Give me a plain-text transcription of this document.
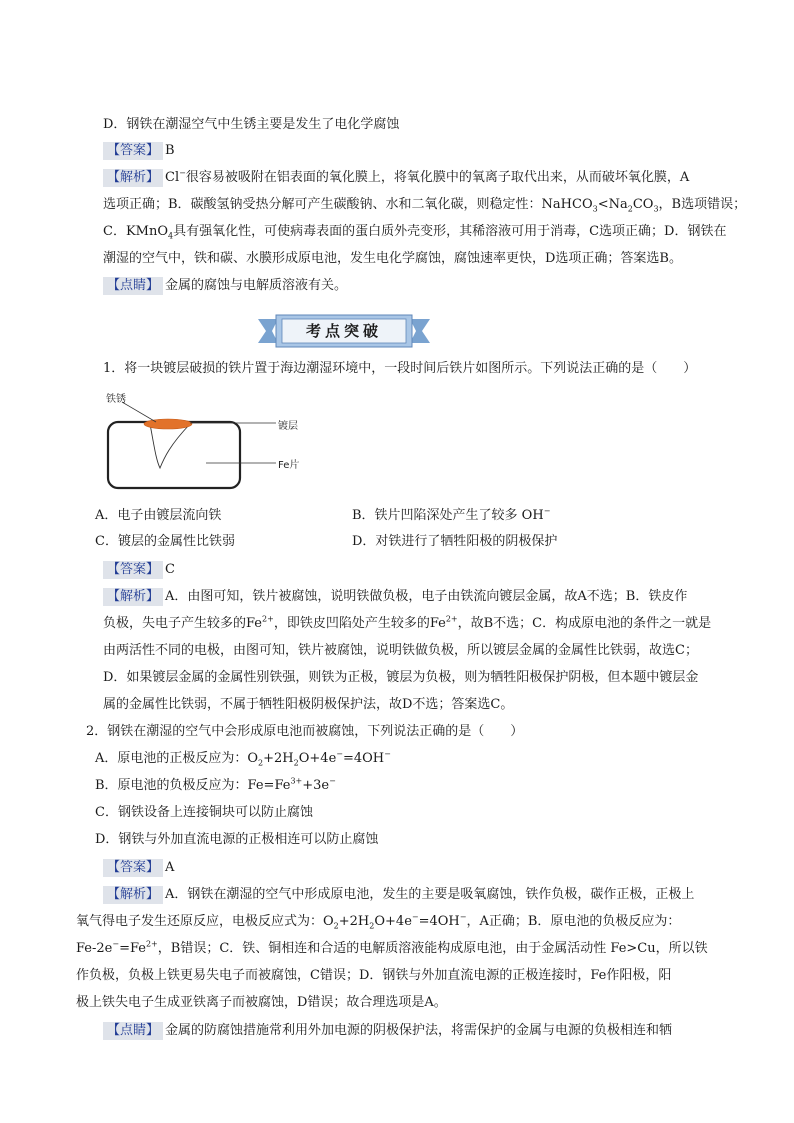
D．钢铁在潮湿空气中生锈主要是发生了电化学腐蚀
【答案】 B
【解析】 Cl−很容易被吸附在铝表面的氧化膜上，将氧化膜中的氧离子取代出来，从而破坏氧化膜，A
选项正确；B．碳酸氢钠受热分解可产生碳酸钠、水和二氧化碳，则稳定性：$NaHCO_3<Na_2CO_3$，B选项错误；
C．KMnO$_4$具有强氧化性，可使病毒表面的蛋白质外壳变形，其稀溶液可用于消毒，C选项正确；D．钢铁在
潮湿的空气中，铁和碳、水膜形成原电池，发生电化学腐蚀，腐蚀速率更快，D选项正确；答案选B。
【点睛】 金属的腐蚀与电解质溶液有关。
考点突破
1．将一块镀层破损的铁片置于海边潮湿环境中，一段时间后铁片如图所示。下列说法正确的是（　　）
铁锈
镀层
Fe片
A．电子由镀层流向铁	B．铁片凹陷深处产生了较多 OH−
C．镀层的金属性比铁弱	D．对铁进行了牺牲阳极的阴极保护
【答案】 C
【解析】 A．由图可知，铁片被腐蚀，说明铁做负极，电子由铁流向镀层金属，故A不选；B．铁皮作
负极，失电子产生较多的$Fe^{2+}$，即铁皮凹陷处产生较多的$Fe^{2+}$，故B不选；C．构成原电池的条件之一就是
由两活性不同的电极，由图可知，铁片被腐蚀，说明铁做负极，所以镀层金属的金属性比铁弱，故选C；
D．如果镀层金属的金属性别铁强，则铁为正极，镀层为负极，则为牺牲阳极保护阴极，但本题中镀层金
属的金属性比铁弱，不属于牺牲阳极阴极保护法，故D不选；答案选C。
2．钢铁在潮湿的空气中会形成原电池而被腐蚀，下列说法正确的是（　　）
A．原电池的正极反应为：$O_2+2H_2O+4e^-=4OH^-$
B．原电池的负极反应为：$Fe=Fe^{3+}+3e^-$
C．钢铁设备上连接铜块可以防止腐蚀
D．钢铁与外加直流电源的正极相连可以防止腐蚀
【答案】 A
【解析】 A．钢铁在潮湿的空气中形成原电池，发生的主要是吸氧腐蚀，铁作负极，碳作正极，正极上
氧气得电子发生还原反应，电极反应式为：$O_2+2H_2O+4e^-=4OH^-$，A正确；B．原电池的负极反应为：
$Fe-2e^-=Fe^{2+}$，B错误；C．铁、铜相连和合适的电解质溶液能构成原电池，由于金属活动性 Fe>Cu，所以铁
作负极，负极上铁更易失电子而被腐蚀，C错误；D．钢铁与外加直流电源的正极连接时，Fe作阳极，阳
极上铁失电子生成亚铁离子而被腐蚀，D错误；故合理选项是A。
【点睛】 金属的防腐蚀措施常利用外加电源的阴极保护法，将需保护的金属与电源的负极相连和牺
